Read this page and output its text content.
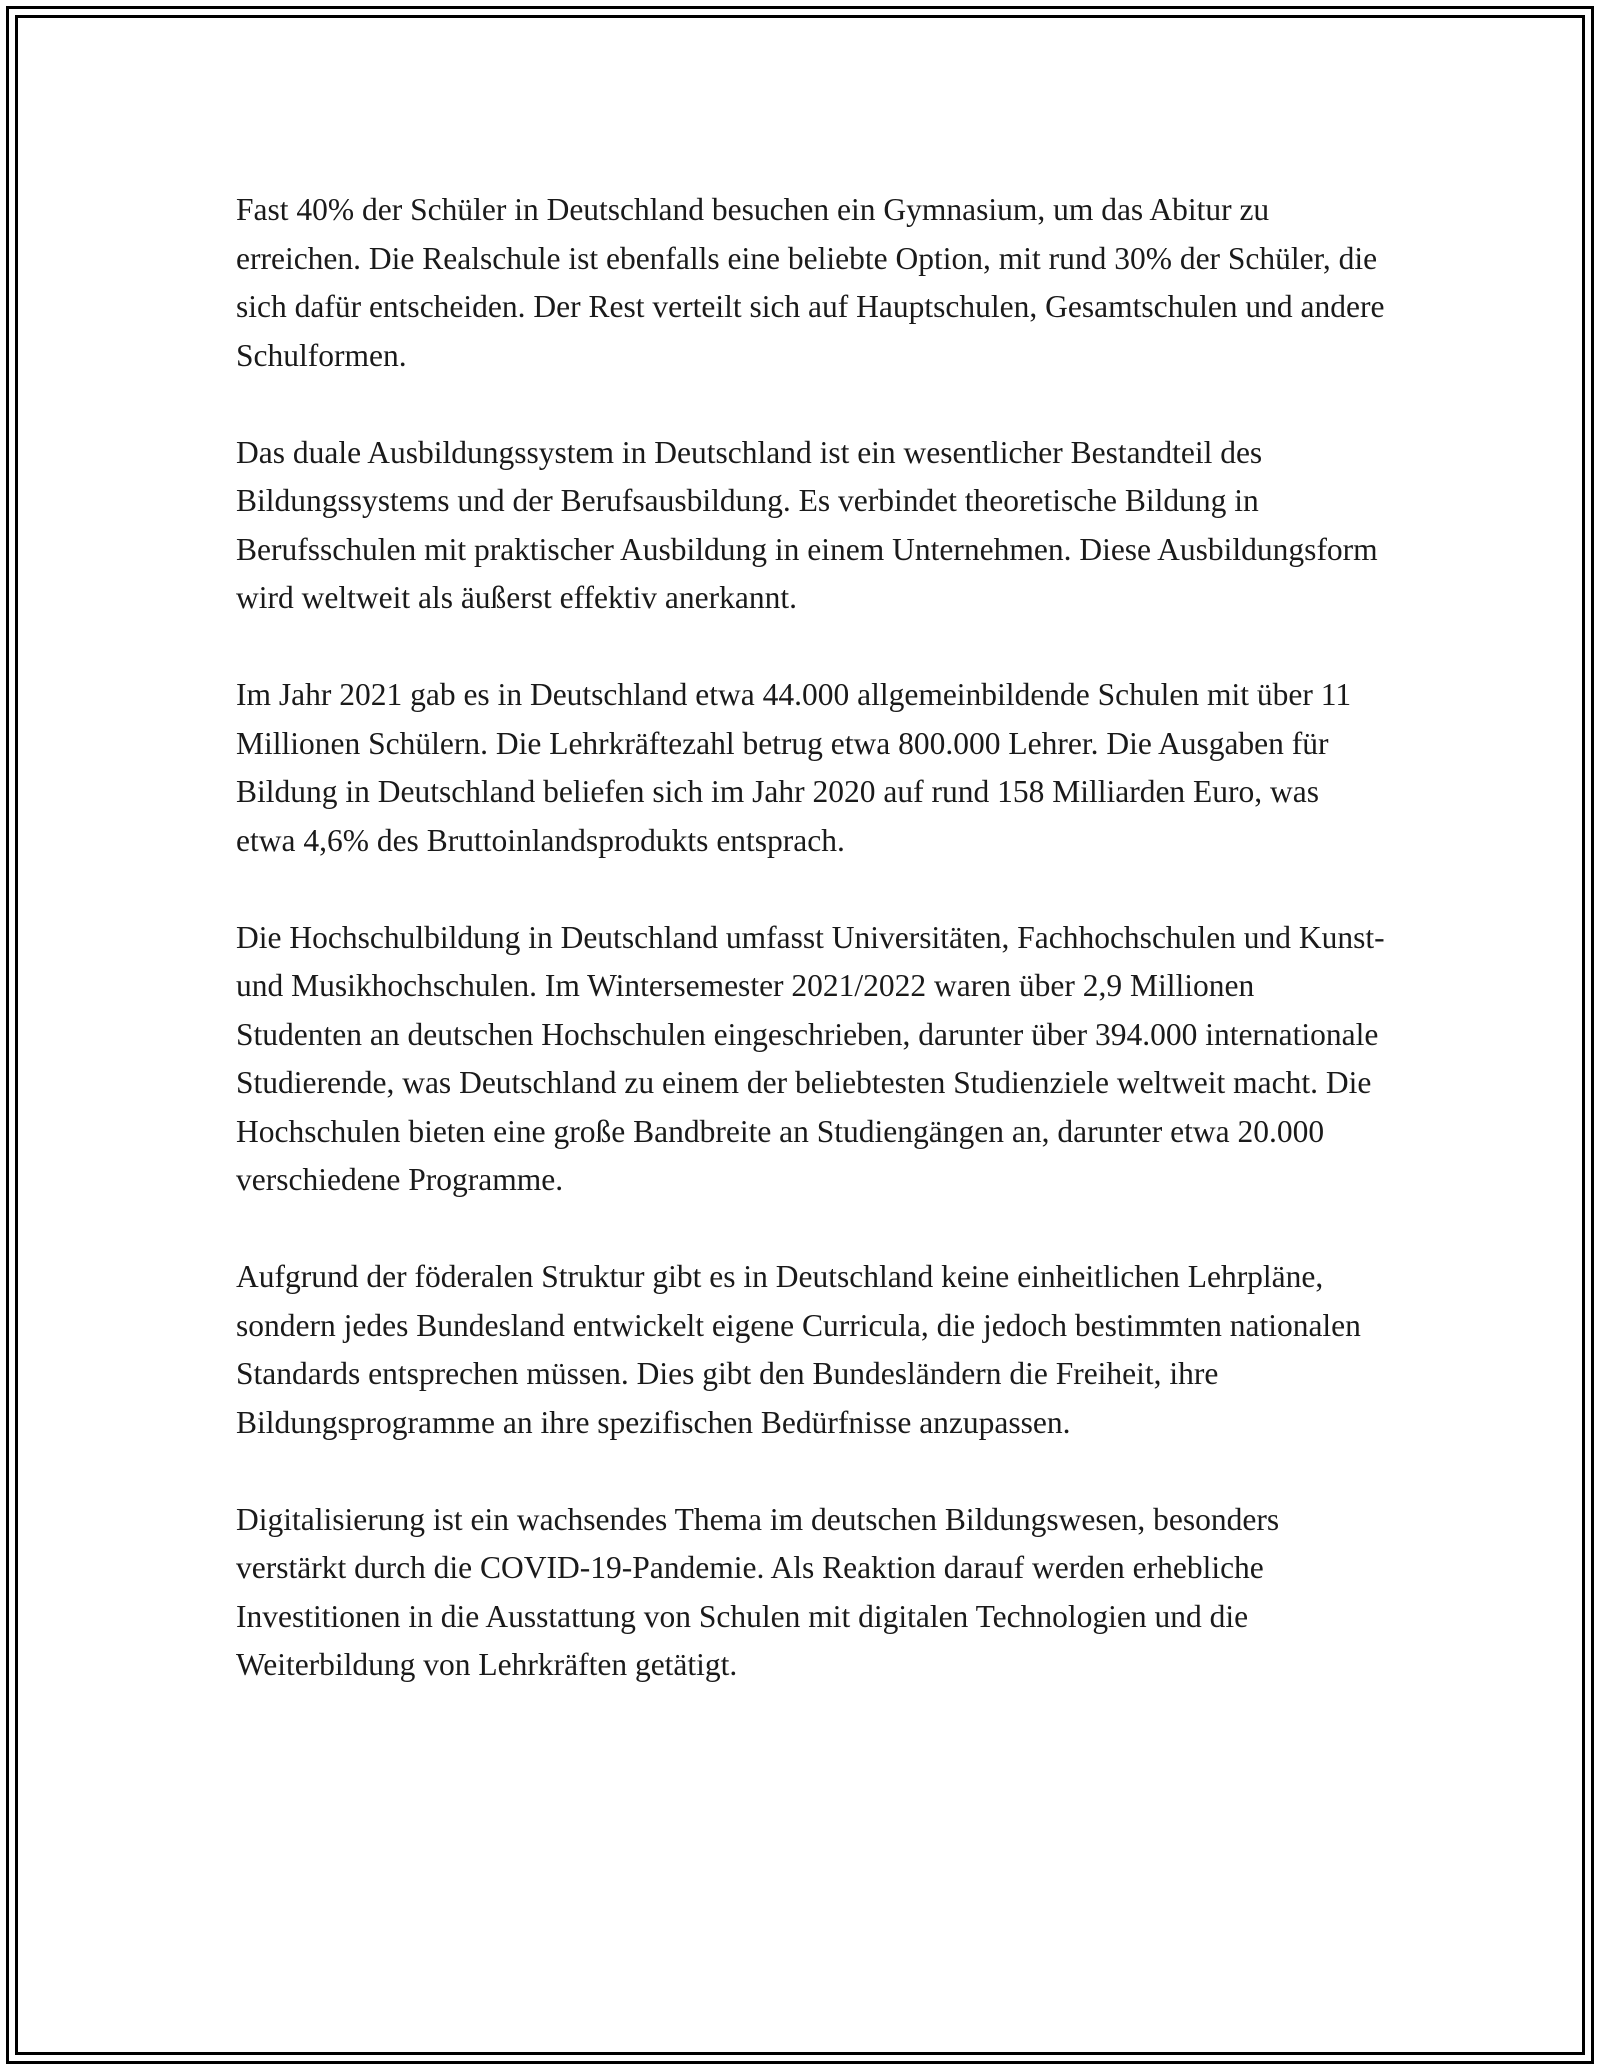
Fast 40% der Schüler in Deutschland besuchen ein Gymnasium, um das Abitur zu erreichen. Die Realschule ist ebenfalls eine beliebte Option, mit rund 30% der Schüler, die sich dafür entscheiden. Der Rest verteilt sich auf Hauptschulen, Gesamtschulen und andere Schulformen.

Das duale Ausbildungssystem in Deutschland ist ein wesentlicher Bestandteil des Bildungssystems und der Berufsausbildung. Es verbindet theoretische Bildung in Berufsschulen mit praktischer Ausbildung in einem Unternehmen. Diese Ausbildungsform wird weltweit als äußerst effektiv anerkannt.

Im Jahr 2021 gab es in Deutschland etwa 44.000 allgemeinbildende Schulen mit über 11 Millionen Schülern. Die Lehrkräftezahl betrug etwa 800.000 Lehrer. Die Ausgaben für Bildung in Deutschland beliefen sich im Jahr 2020 auf rund 158 Milliarden Euro, was etwa 4,6% des Bruttoinlandsprodukts entsprach.

Die Hochschulbildung in Deutschland umfasst Universitäten, Fachhochschulen und Kunst- und Musikhochschulen. Im Wintersemester 2021/2022 waren über 2,9 Millionen Studenten an deutschen Hochschulen eingeschrieben, darunter über 394.000 internationale Studierende, was Deutschland zu einem der beliebtesten Studienziele weltweit macht. Die Hochschulen bieten eine große Bandbreite an Studiengängen an, darunter etwa 20.000 verschiedene Programme.

Aufgrund der föderalen Struktur gibt es in Deutschland keine einheitlichen Lehrpläne, sondern jedes Bundesland entwickelt eigene Curricula, die jedoch bestimmten nationalen Standards entsprechen müssen. Dies gibt den Bundesländern die Freiheit, ihre Bildungsprogramme an ihre spezifischen Bedürfnisse anzupassen.

Digitalisierung ist ein wachsendes Thema im deutschen Bildungswesen, besonders verstärkt durch die COVID-19-Pandemie. Als Reaktion darauf werden erhebliche Investitionen in die Ausstattung von Schulen mit digitalen Technologien und die Weiterbildung von Lehrkräften getätigt.
